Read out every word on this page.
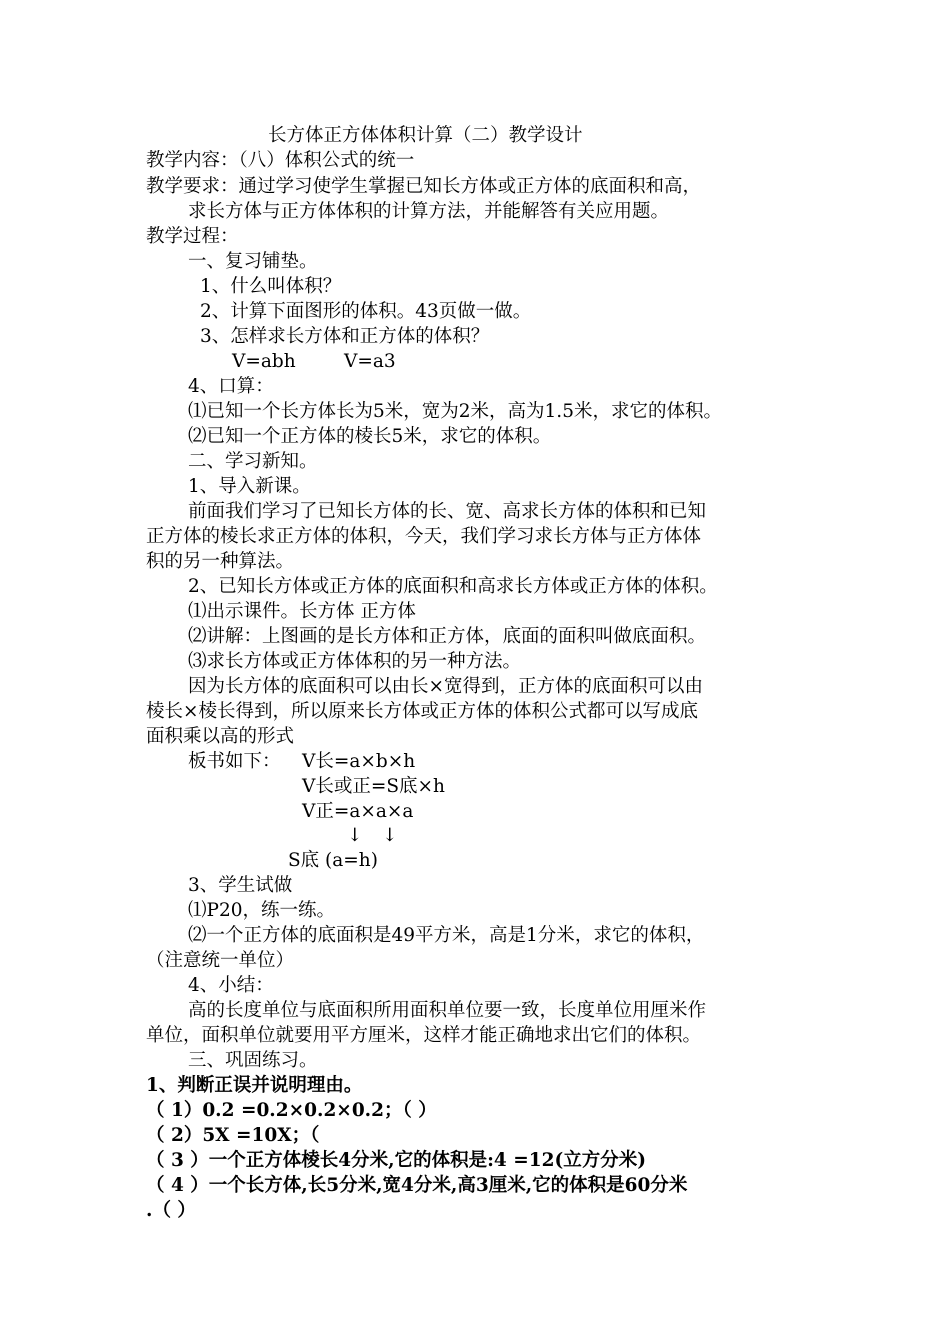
长方体正方体体积计算（二）教学设计
教学内容：（八）体积公式的统一
教学要求：通过学习使学生掌握已知长方体或正方体的底面积和高，
求长方体与正方体体积的计算方法，并能解答有关应用题。
教学过程：
一、复习铺垫。
1、什么叫体积？
2、计算下面图形的体积。43页做一做。
3、怎样求长方体和正方体的体积？
V=abh	V=a3
4、口算：
⑴已知一个长方体长为5米，宽为2米，高为1.5米，求它的体积。
⑵已知一个正方体的棱长5米，求它的体积。
二、学习新知。
1、导入新课。
前面我们学习了已知长方体的长、宽、高求长方体的体积和已知
正方体的棱长求正方体的体积，今天，我们学习求长方体与正方体体
积的另一种算法。
2、已知长方体或正方体的底面积和高求长方体或正方体的体积。
⑴出示课件。长方体 正方体
⑵讲解：上图画的是长方体和正方体，底面的面积叫做底面积。
⑶求长方体或正方体体积的另一种方法。
因为长方体的底面积可以由长×宽得到，正方体的底面积可以由
棱长×棱长得到，所以原来长方体或正方体的体积公式都可以写成底
面积乘以高的形式
板书如下： V长=a×b×h
V长或正=S底×h
V正=a×a×a
↓ ↓
S底 (a=h)
3、学生试做
⑴P20，练一练。
⑵一个正方体的底面积是49平方米，高是1分米，求它的体积，
（注意统一单位）
4、小结：
高的长度单位与底面积所用面积单位要一致，长度单位用厘米作
单位，面积单位就要用平方厘米，这样才能正确地求出它们的体积。
三、巩固练习。
1、判断正误并说明理由。
（ 1）0.2 =0.2×0.2×0.2；（ ）
（ 2）5X =10X；（
（ 3 ）一个正方体棱长4分米,它的体积是:4 =12(立方分米)
（ 4 ）一个长方体,长5分米,宽4分米,高3厘米,它的体积是60分米
.（ ）
